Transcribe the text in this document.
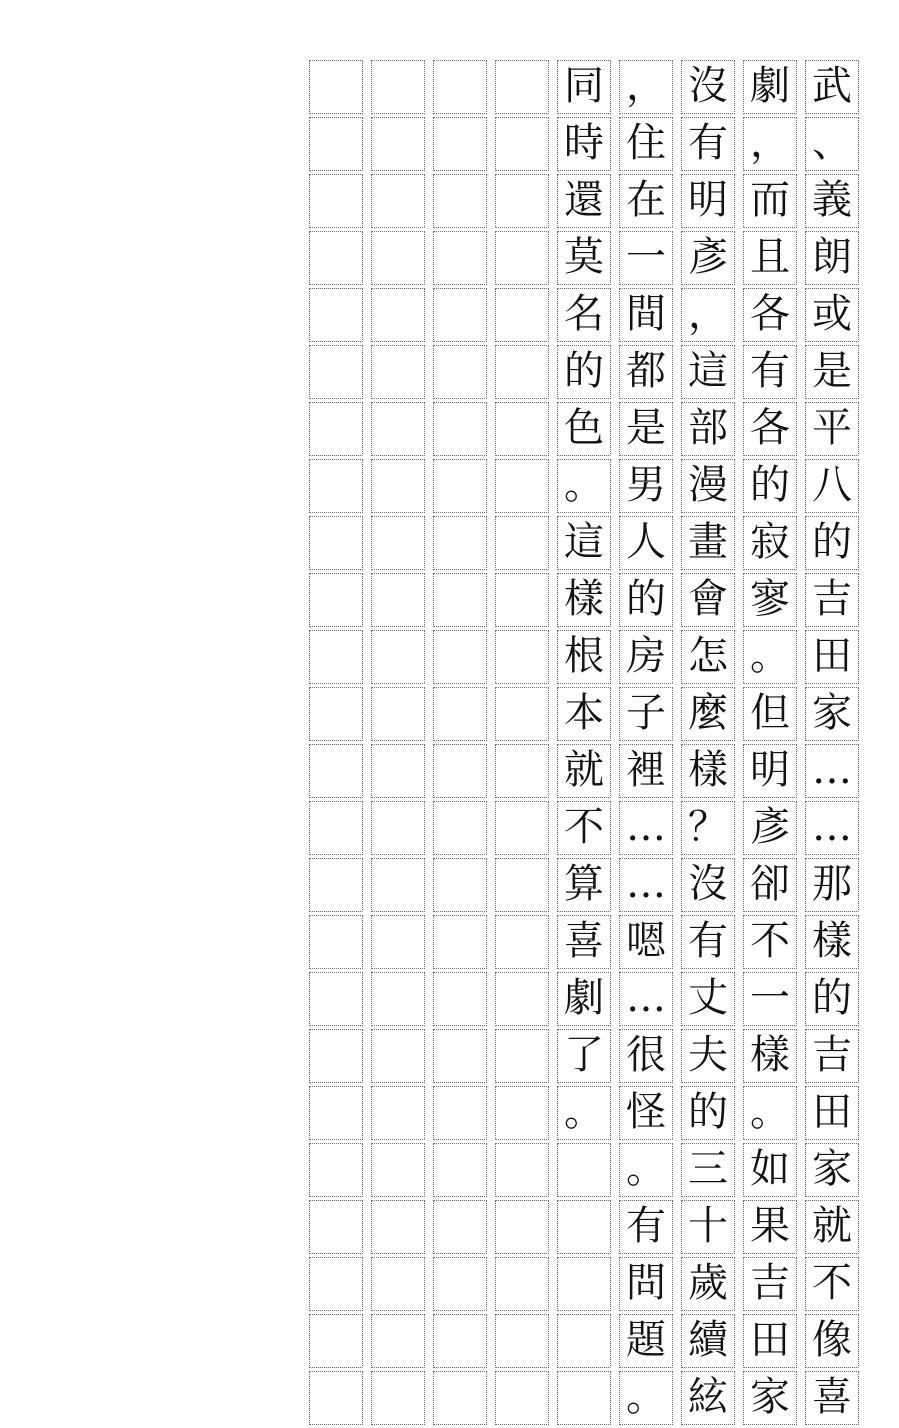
同
時
還
莫
名
的
色
。
這
樣
根
本
就
不
算
喜
劇
了
。
，
住
在
一
間
都
是
男
人
的
房
子
裡
…
…
嗯
…
很
怪
。
有
問
題
。
沒
有
明
彥
，
這
部
漫
畫
會
怎
麼
樣
？
沒
有
丈
夫
的
三
十
歲
續
絃
劇
，
而
且
各
有
各
的
寂
寥
。
但
明
彥
卻
不
一
樣
。
如
果
吉
田
家
武
、
義
朗
或
是
平
八
的
吉
田
家
…
…
那
樣
的
吉
田
家
就
不
像
喜
